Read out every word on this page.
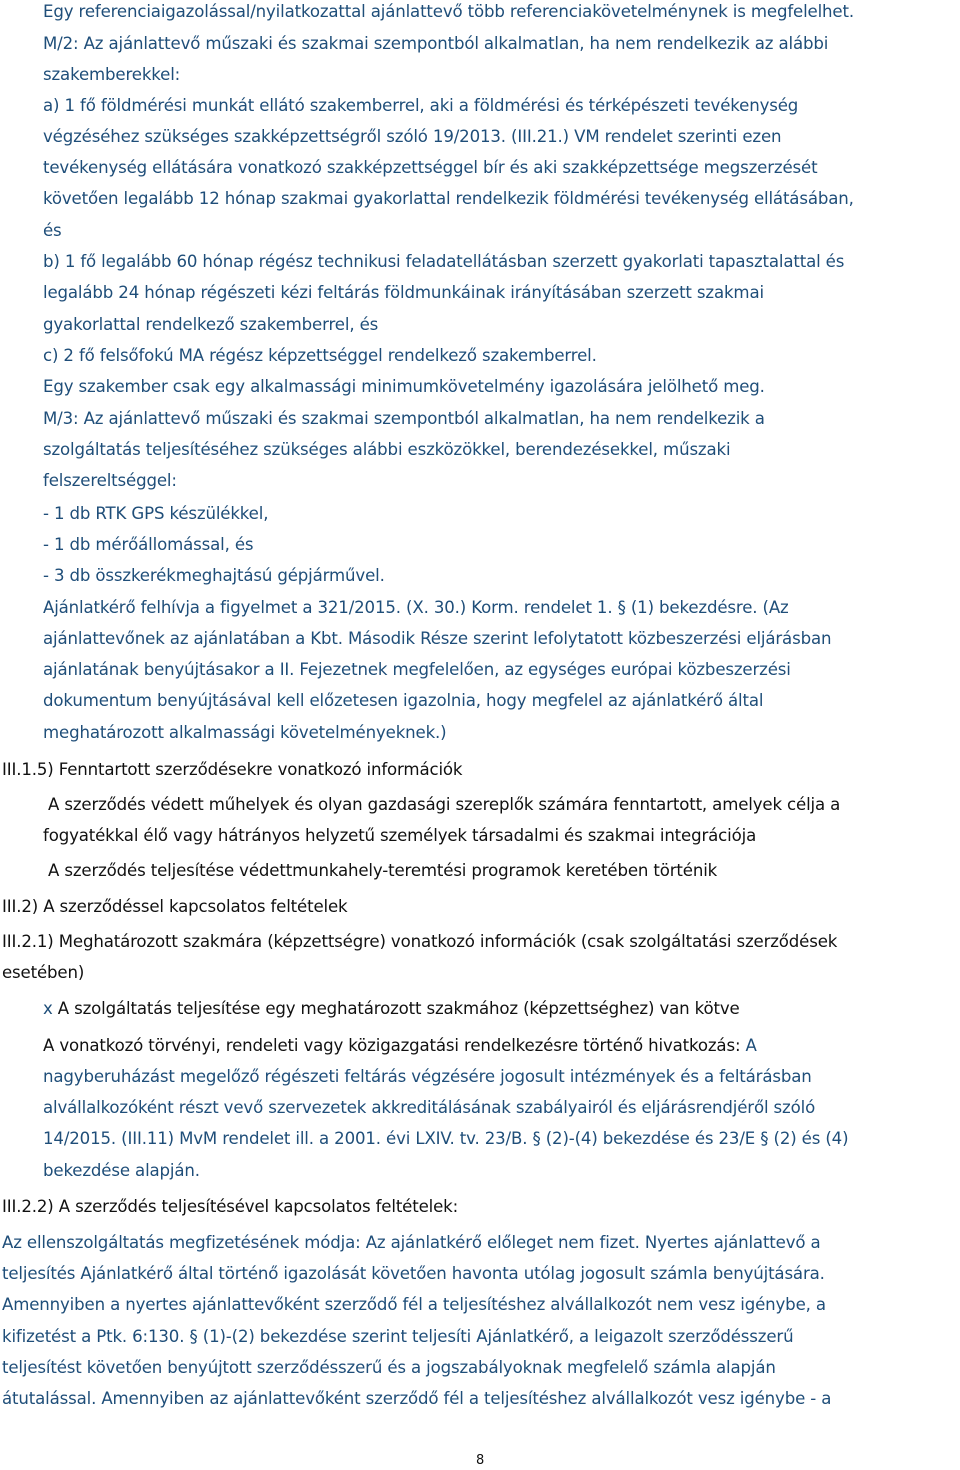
Egy referenciaigazolással/nyilatkozattal ajánlattevő több referenciakövetelménynek is megfelelhet.
M/2: Az ajánlattevő műszaki és szakmai szempontból alkalmatlan, ha nem rendelkezik az alábbi
szakemberekkel:
a) 1 fő földmérési munkát ellátó szakemberrel, aki a földmérési és térképészeti tevékenység
végzéséhez szükséges szakképzettségről szóló 19/2013. (III.21.) VM rendelet szerinti ezen
tevékenység ellátására vonatkozó szakképzettséggel bír és aki szakképzettsége megszerzését
követően legalább 12 hónap szakmai gyakorlattal rendelkezik földmérési tevékenység ellátásában,
és
b) 1 fő legalább 60 hónap régész technikusi feladatellátásban szerzett gyakorlati tapasztalattal és
legalább 24 hónap régészeti kézi feltárás földmunkáinak irányításában szerzett szakmai
gyakorlattal rendelkező szakemberrel, és
c) 2 fő felsőfokú MA régész képzettséggel rendelkező szakemberrel.
Egy szakember csak egy alkalmassági minimumkövetelmény igazolására jelölhető meg.
M/3: Az ajánlattevő műszaki és szakmai szempontból alkalmatlan, ha nem rendelkezik a
szolgáltatás teljesítéséhez szükséges alábbi eszközökkel, berendezésekkel, műszaki
felszereltséggel:
- 1 db RTK GPS készülékkel,
- 1 db mérőállomással, és
- 3 db összkerékmeghajtású gépjárművel.
Ajánlatkérő felhívja a figyelmet a 321/2015. (X. 30.) Korm. rendelet 1. § (1) bekezdésre. (Az
ajánlattevőnek az ajánlatában a Kbt. Második Része szerint lefolytatott közbeszerzési eljárásban
ajánlatának benyújtásakor a II. Fejezetnek megfelelően, az egységes európai közbeszerzési
dokumentum benyújtásával kell előzetesen igazolnia, hogy megfelel az ajánlatkérő által
meghatározott alkalmassági követelményeknek.)
III.1.5) Fenntartott szerződésekre vonatkozó információk
A szerződés védett műhelyek és olyan gazdasági szereplők számára fenntartott, amelyek célja a
fogyatékkal élő vagy hátrányos helyzetű személyek társadalmi és szakmai integrációja
A szerződés teljesítése védettmunkahely-teremtési programok keretében történik
III.2) A szerződéssel kapcsolatos feltételek
III.2.1) Meghatározott szakmára (képzettségre) vonatkozó információk (csak szolgáltatási szerződések
esetében)
x A szolgáltatás teljesítése egy meghatározott szakmához (képzettséghez) van kötve
A vonatkozó törvényi, rendeleti vagy közigazgatási rendelkezésre történő hivatkozás: A
nagyberuházást megelőző régészeti feltárás végzésére jogosult intézmények és a feltárásban
alvállalkozóként részt vevő szervezetek akkreditálásának szabályairól és eljárásrendjéről szóló
14/2015. (III.11) MvM rendelet ill. a 2001. évi LXIV. tv. 23/B. § (2)-(4) bekezdése és 23/E § (2) és (4)
bekezdése alapján.
III.2.2) A szerződés teljesítésével kapcsolatos feltételek:
Az ellenszolgáltatás megfizetésének módja: Az ajánlatkérő előleget nem fizet. Nyertes ajánlattevő a
teljesítés Ajánlatkérő által történő igazolását követően havonta utólag jogosult számla benyújtására.
Amennyiben a nyertes ajánlattevőként szerződő fél a teljesítéshez alvállalkozót nem vesz igénybe, a
kifizetést a Ptk. 6:130. § (1)-(2) bekezdése szerint teljesíti Ajánlatkérő, a leigazolt szerződésszerű
teljesítést követően benyújtott szerződésszerű és a jogszabályoknak megfelelő számla alapján
átutalással. Amennyiben az ajánlattevőként szerződő fél a teljesítéshez alvállalkozót vesz igénybe - a
8
